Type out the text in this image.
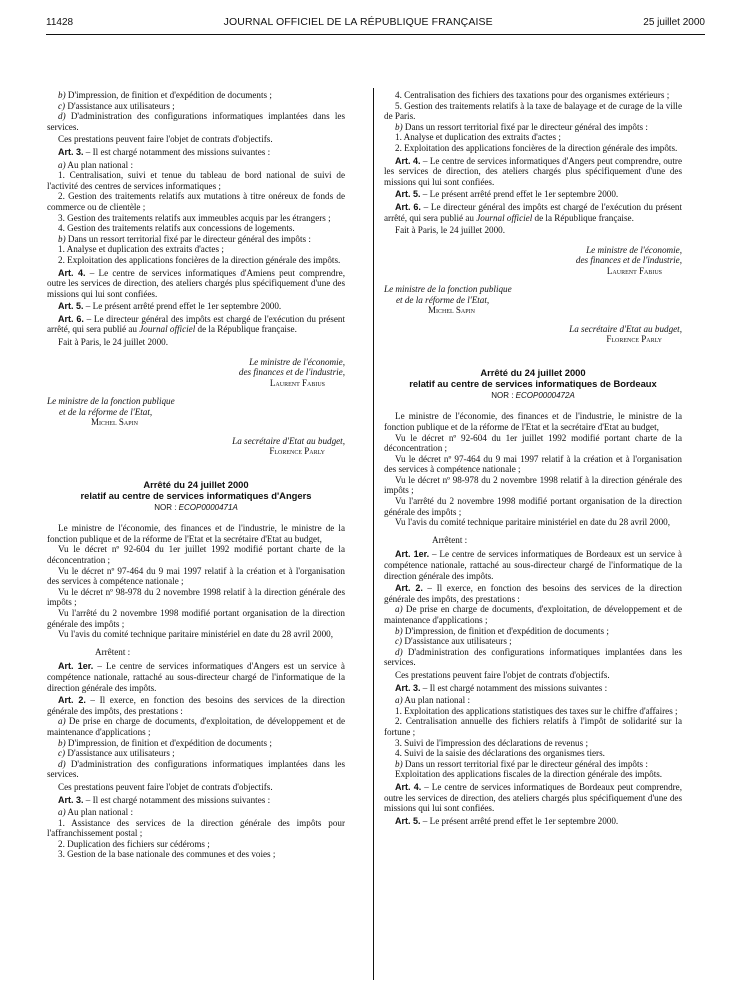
11428	JOURNAL OFFICIEL DE LA RÉPUBLIQUE FRANÇAISE	25 juillet 2000

b) D'impression, de finition et d'expédition de documents ;

c) D'assistance aux utilisateurs ;

d) D'administration des configurations informatiques implantées dans les services.

Ces prestations peuvent faire l'objet de contrats d'objectifs.

Art. 3. – Il est chargé notamment des missions suivantes :

a) Au plan national :

1. Centralisation, suivi et tenue du tableau de bord national de suivi de l'activité des centres de services informatiques ;

2. Gestion des traitements relatifs aux mutations à titre onéreux de fonds de commerce ou de clientèle ;

3. Gestion des traitements relatifs aux immeubles acquis par les étrangers ;

4. Gestion des traitements relatifs aux concessions de logements.

b) Dans un ressort territorial fixé par le directeur général des impôts :

1. Analyse et duplication des extraits d'actes ;

2. Exploitation des applications foncières de la direction générale des impôts.

Art. 4. – Le centre de services informatiques d'Amiens peut comprendre, outre les services de direction, des ateliers chargés plus spécifiquement d'une des missions qui lui sont confiées.

Art. 5. – Le présent arrêté prend effet le 1er septembre 2000.

Art. 6. – Le directeur général des impôts est chargé de l'exécution du présent arrêté, qui sera publié au Journal officiel de la République française.

Fait à Paris, le 24 juillet 2000.

Le ministre de l'économie,
des finances et de l'industrie,
Laurent Fabius
Le ministre de la fonction publique
et de la réforme de l'Etat,
Michel Sapin
La secrétaire d'Etat au budget,
Florence Parly
Arrêté du 24 juillet 2000
relatif au centre de services informatiques d'Angers
NOR : ECOP0000471A

Le ministre de l'économie, des finances et de l'industrie, le ministre de la fonction publique et de la réforme de l'Etat et la secrétaire d'Etat au budget,

Vu le décret nº 92-604 du 1er juillet 1992 modifié portant charte de la déconcentration ;

Vu le décret nº 97-464 du 9 mai 1997 relatif à la création et à l'organisation des services à compétence nationale ;

Vu le décret nº 98-978 du 2 novembre 1998 relatif à la direction générale des impôts ;

Vu l'arrêté du 2 novembre 1998 modifié portant organisation de la direction générale des impôts ;

Vu l'avis du comité technique paritaire ministériel en date du 28 avril 2000,

Arrêtent :

Art. 1er. – Le centre de services informatiques d'Angers est un service à compétence nationale, rattaché au sous-directeur chargé de l'informatique de la direction générale des impôts.

Art. 2. – Il exerce, en fonction des besoins des services de la direction générale des impôts, des prestations :

a) De prise en charge de documents, d'exploitation, de développement et de maintenance d'applications ;

b) D'impression, de finition et d'expédition de documents ;

c) D'assistance aux utilisateurs ;

d) D'administration des configurations informatiques implantées dans les services.

Ces prestations peuvent faire l'objet de contrats d'objectifs.

Art. 3. – Il est chargé notamment des missions suivantes :

a) Au plan national :

1. Assistance des services de la direction générale des impôts pour l'affranchissement postal ;

2. Duplication des fichiers sur cédéroms ;

3. Gestion de la base nationale des communes et des voies ;

4. Centralisation des fichiers des taxations pour des organismes extérieurs ;

5. Gestion des traitements relatifs à la taxe de balayage et de curage de la ville de Paris.

b) Dans un ressort territorial fixé par le directeur général des impôts :

1. Analyse et duplication des extraits d'actes ;

2. Exploitation des applications foncières de la direction générale des impôts.

Art. 4. – Le centre de services informatiques d'Angers peut comprendre, outre les services de direction, des ateliers chargés plus spécifiquement d'une des missions qui lui sont confiées.

Art. 5. – Le présent arrêté prend effet le 1er septembre 2000.

Art. 6. – Le directeur général des impôts est chargé de l'exécution du présent arrêté, qui sera publié au Journal officiel de la République française.

Fait à Paris, le 24 juillet 2000.

Le ministre de l'économie,
des finances et de l'industrie,
Laurent Fabius
Le ministre de la fonction publique
et de la réforme de l'Etat,
Michel Sapin
La secrétaire d'Etat au budget,
Florence Parly
Arrêté du 24 juillet 2000
relatif au centre de services informatiques de Bordeaux
NOR : ECOP0000472A

Le ministre de l'économie, des finances et de l'industrie, le ministre de la fonction publique et de la réforme de l'Etat et la secrétaire d'Etat au budget,

Vu le décret nº 92-604 du 1er juillet 1992 modifié portant charte de la déconcentration ;

Vu le décret nº 97-464 du 9 mai 1997 relatif à la création et à l'organisation des services à compétence nationale ;

Vu le décret nº 98-978 du 2 novembre 1998 relatif à la direction générale des impôts ;

Vu l'arrêté du 2 novembre 1998 modifié portant organisation de la direction générale des impôts ;

Vu l'avis du comité technique paritaire ministériel en date du 28 avril 2000,

Arrêtent :

Art. 1er. – Le centre de services informatiques de Bordeaux est un service à compétence nationale, rattaché au sous-directeur chargé de l'informatique de la direction générale des impôts.

Art. 2. – Il exerce, en fonction des besoins des services de la direction générale des impôts, des prestations :

a) De prise en charge de documents, d'exploitation, de développement et de maintenance d'applications ;

b) D'impression, de finition et d'expédition de documents ;

c) D'assistance aux utilisateurs ;

d) D'administration des configurations informatiques implantées dans les services.

Ces prestations peuvent faire l'objet de contrats d'objectifs.

Art. 3. – Il est chargé notamment des missions suivantes :

a) Au plan national :

1. Exploitation des applications statistiques des taxes sur le chiffre d'affaires ;

2. Centralisation annuelle des fichiers relatifs à l'impôt de solidarité sur la fortune ;

3. Suivi de l'impression des déclarations de revenus ;

4. Suivi de la saisie des déclarations des organismes tiers.

b) Dans un ressort territorial fixé par le directeur général des impôts :

Exploitation des applications fiscales de la direction générale des impôts.

Art. 4. – Le centre de services informatiques de Bordeaux peut comprendre, outre les services de direction, des ateliers chargés plus spécifiquement d'une des missions qui lui sont confiées.

Art. 5. – Le présent arrêté prend effet le 1er septembre 2000.
